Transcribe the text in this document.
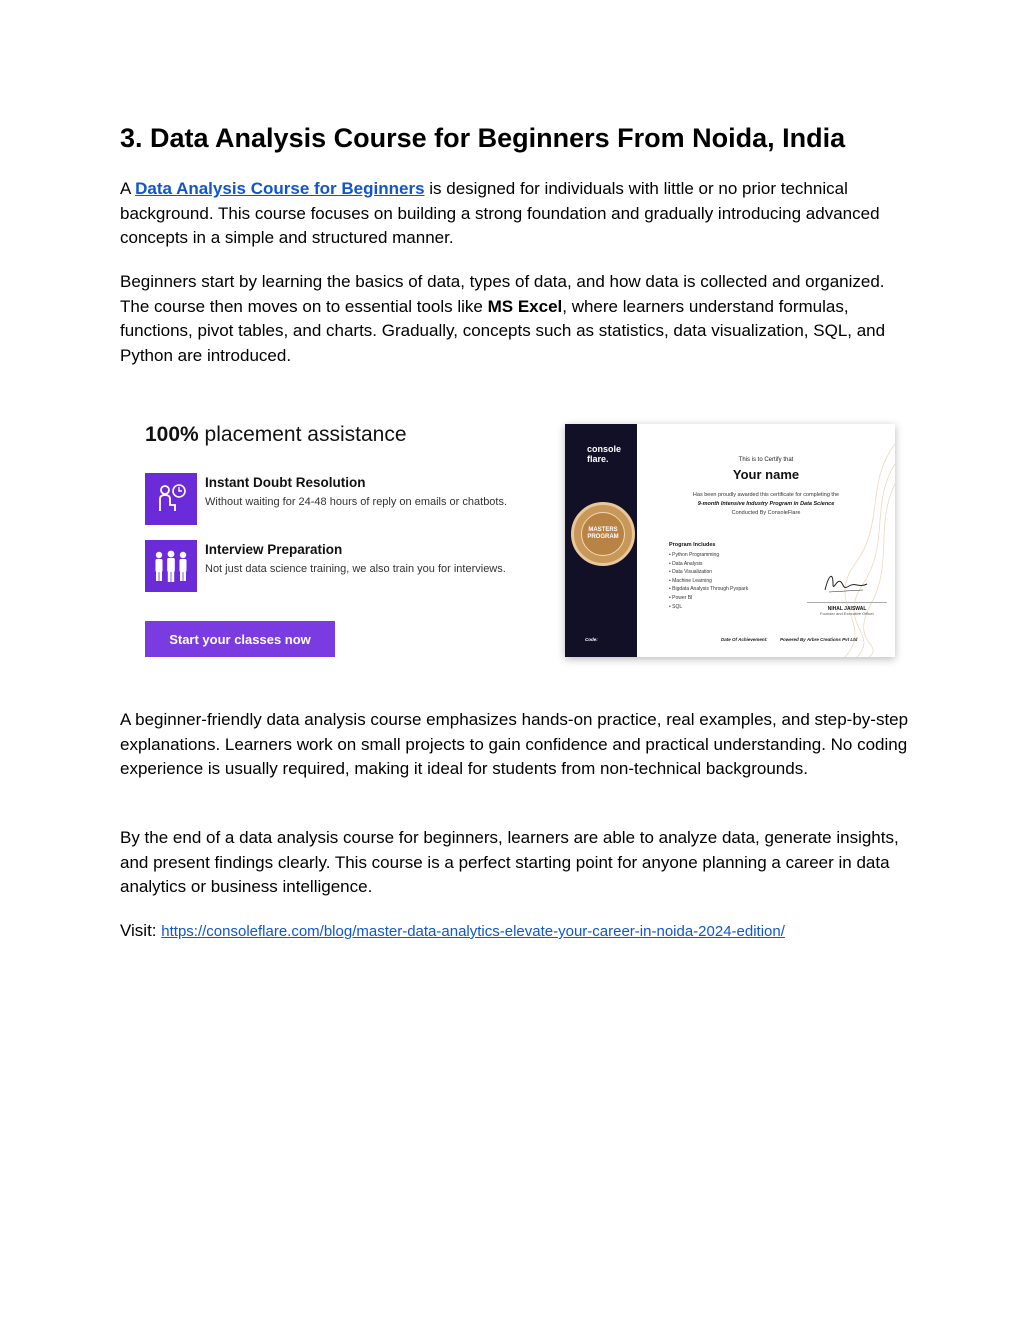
3. Data Analysis Course for Beginners From Noida, India

A Data Analysis Course for Beginners is designed for individuals with little or no prior technical background. This course focuses on building a strong foundation and gradually introducing advanced concepts in a simple and structured manner.

Beginners start by learning the basics of data, types of data, and how data is collected and organized. The course then moves on to essential tools like MS Excel, where learners understand formulas, functions, pivot tables, and charts. Gradually, concepts such as statistics, data visualization, SQL, and Python are introduced.

A beginner-friendly data analysis course emphasizes hands-on practice, real examples, and step-by-step explanations. Learners work on small projects to gain confidence and practical understanding. No coding experience is usually required, making it ideal for students from non-technical backgrounds.

By the end of a data analysis course for beginners, learners are able to analyze data, generate insights, and present findings clearly. This course is a perfect starting point for anyone planning a career in data analytics or business intelligence.

Visit: https://consoleflare.com/blog/master-data-analytics-elevate-your-career-in-noida-2024-edition/

100% placement assistance
Instant Doubt Resolution
Without waiting for 24-48 hours of reply on emails or chatbots.
Interview Preparation
Not just data science training, we also train you for interviews.
Start your classes now
console
flare.
MASTERS
PROGRAM
Code:
This is to Certify that
Your name
Has been proudly awarded this certificate for completing the
9-month Intensive Industry Program in Data Science
Conducted By ConsoleFlare
Program Includes
• Python Programming
• Data Analysis
• Data Visualization
• Machine Learning
• Bigdata Analysis Through Pyspark
• Power BI
• SQL	NIHAL JAISWAL
Founder and Executive Officer
Date Of Achievement:	Powered By Arbre Creations Pvt Ltd
